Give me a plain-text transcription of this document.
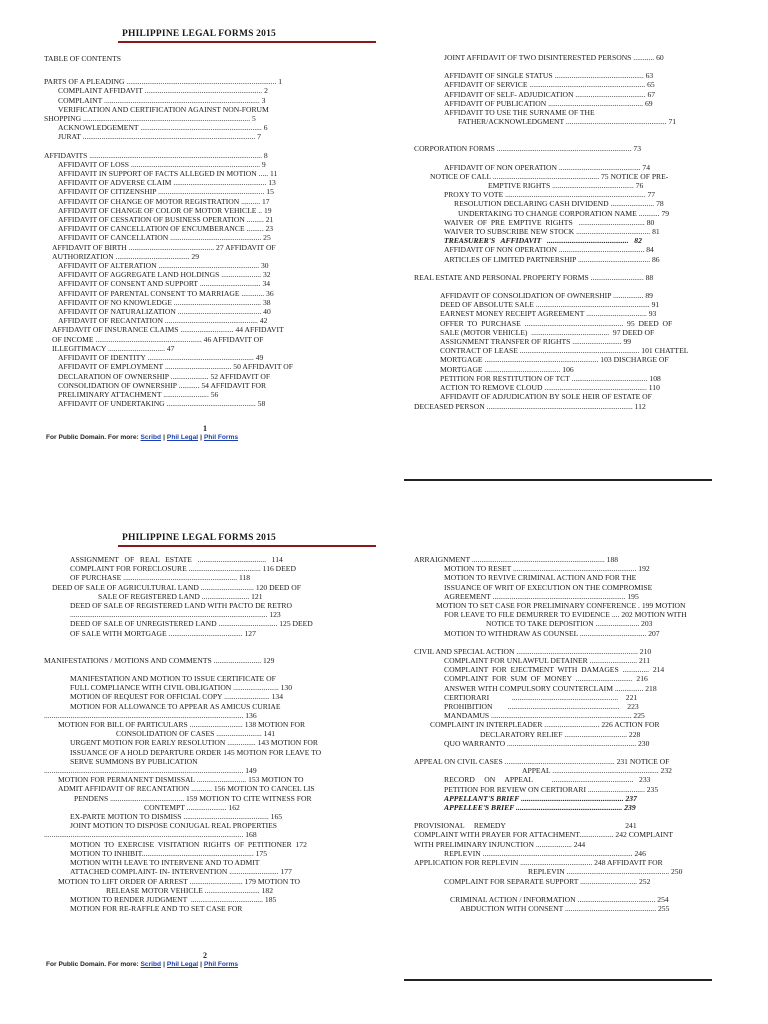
PHILIPPINE LEGAL FORMS 2015
TABLE OF CONTENTS
PARTS OF A PLEADING ............................................................................... 1
COMPLAINT AFFIDAVIT .............................................................. 2
COMPLAINT .................................................................................. 3
VERIFICATION AND CERTIFICATION AGAINST NON-FORUM
SHOPPING ........................................................................................ 5
ACKNOWLEDGEMENT ................................................................ 6
JURAT ........................................................................................... 7
AFFIDAVITS ........................................................................................... 8
AFFIDAVIT OF LOSS .................................................................... 9
AFFIDAVIT IN SUPPORT OF FACTS ALLEGED IN MOTION ..... 11
AFFIDAVIT OF ADVERSE CLAIM ................................................. 13
AFFIDAVIT OF CITIZENSHIP ........................................................ 15
AFFIDAVIT OF CHANGE OF MOTOR REGISTRATION .......... 17
AFFIDAVIT OF CHANGE OF COLOR OF MOTOR VEHICLE .. 19
AFFIDAVIT OF CESSATION OF BUSINESS OPERATION ......... 21
AFFIDAVIT OF CANCELLATION OF ENCUMBERANCE ......... 23
AFFIDAVIT OF CANCELLATION ................................................ 25
AFFIDAVIT OF BIRTH ............................................. 27 AFFIDAVIT OF
AUTHORIZATION ....................................... 29
AFFIDAVIT OF ALTERATION ..................................................... 30
AFFIDAVIT OF AGGREGATE LAND HOLDINGS ..................... 32
AFFIDAVIT OF CONSENT AND SUPPORT ................................ 34
AFFIDAVIT OF PARENTAL CONSENT TO MARRIAGE ............ 36
AFFIDAVIT OF NO KNOWLEDGE .............................................. 38
AFFIDAVIT OF NATURALIZATION ............................................ 40
AFFIDAVIT OF RECANTATION ................................................. 42
AFFIDAVIT OF INSURANCE CLAIMS ............................ 44 AFFIDAVIT
OF INCOME ........................................................ 46 AFFIDAVIT OF
ILLEGITIMACY .............................. 47
AFFIDAVIT OF IDENTITY ........................................................ 49
AFFIDAVIT OF EMPLOYMENT ................................... 50 AFFIDAVIT OF
DECLARATION OF OWNERSHIP .................... 52 AFFIDAVIT OF
CONSOLIDATION OF OWNERSHIP ........... 54 AFFIDAVIT FOR
PRELIMINARY ATTACHMENT ........................ 56
AFFIDAVIT OF UNDERTAKING ............................................... 58
JOINT AFFIDAVIT OF TWO DISINTERESTED PERSONS ........... 60
AFFIDAVIT OF SINGLE STATUS ............................................... 63
AFFIDAVIT OF SERVICE ............................................................. 65
AFFIDAVIT OF SELF- ADJUDICATION ..................................... 67
AFFIDAVIT OF PUBLICATION .................................................. 69
AFFIDAVIT TO USE THE SURNAME OF THE
FATHER/ACKNOWLEDGMENT ..................................................... 71
CORPORATION FORMS ....................................................................... 73
AFFIDAVIT OF NON OPERATION ........................................... 74
NOTICE OF CALL ........................................................ 75 NOTICE OF PRE-
EMPTIVE RIGHTS ........................................... 76
PROXY TO VOTE .......................................................................... 77
RESOLUTION DECLARING CASH DIVIDEND ....................... 78
UNDERTAKING TO CHANGE CORPORATION NAME ........... 79
WAIVER  OF  PRE  EMPTIVE  RIGHTS   ................................... 80
WAIVER TO SUBSCRIBE NEW STOCK ....................................... 81
TREASURER'S   AFFIDAVIT   ...........................................   82
AFFIDAVIT OF NON OPERATION ............................................. 84
ARTICLES OF LIMITED PARTNERSHIP ...................................... 86
REAL ESTATE AND PERSONAL PROPERTY FORMS ............................ 88
AFFIDAVIT OF CONSOLIDATION OF OWNERSHIP ................ 89
DEED OF ABSOLUTE SALE ............................................................ 91
EARNEST MONEY RECEIPT AGREEMENT ................................ 93
OFFER  TO  PURCHASE  ....................................................  95  DEED  OF
SALE (MOTOR VEHICLE)  .........................................  97 DEED OF
ASSIGNMENT TRANSFER OF RIGHTS .......................... 99
CONTRACT OF LEASE ............................................................... 101 CHATTEL
MORTGAGE ............................................................ 103 DISCHARGE OF
MORTGAGE ........................................ 106
PETITION FOR RESTITUTION OF TCT ........................................ 108
ACTION TO REMOVE CLOUD ...................................................... 110
AFFIDAVIT OF ADJUDICATION BY SOLE HEIR OF ESTATE OF
DECEASED PERSON ............................................................................. 112
1
For Public Domain. For more: Scribd | Phil Legal | Phil Forms
PHILIPPINE LEGAL FORMS 2015
ASSIGNMENT   OF   REAL   ESTATE   ....................................   114
COMPLAINT FOR FORECLOSURE ...................................... 116 DEED
OF PURCHASE ............................................................ 118
DEED OF SALE OF AGRICULTURAL LAND ............................ 120 DEED OF
SALE OF REGISTERED LAND ......................... 121
DEED OF SALE OF REGISTERED LAND WITH PACTO DE RETRO
........................................................................................................ 123
DEED OF SALE OF UNREGISTERED LAND ............................... 125 DEED
OF SALE WITH MORTGAGE ....................................... 127
MANIFESTATIONS / MOTIONS AND COMMENTS ......................... 129
MANIFESTATION AND MOTION TO ISSUE CERTIFICATE OF
FULL COMPLIANCE WITH CIVIL OBLIGATION ........................ 130
MOTION OF REQUEST FOR OFFICIAL COPY ........................ 134
MOTION FOR ALLOWANCE TO APPEAR AS AMICUS CURIAE
......................................................................................................... 136
MOTION FOR BILL OF PARTICULARS ............................ 138 MOTION FOR
CONSOLIDATION OF CASES ........................ 141
URGENT MOTION FOR EARLY RESOLUTION ............... 143 MOTION FOR
ISSUANCE OF A HOLD DEPARTURE ORDER 145 MOTION FOR LEAVE TO
SERVE SUMMONS BY PUBLICATION
......................................................................................................... 149
MOTION FOR PERMANENT DISMISSAL .......................... 153 MOTION TO
ADMIT AFFIDAVIT OF RECANTATION ........... 156 MOTION TO CANCEL LIS
PENDENS ....................................... 159 MOTION TO CITE WITNESS FOR
CONTEMPT ..................... 162
EX-PARTE MOTION TO DISMISS ............................................. 165
JOINT MOTION TO DISPOSE CONJUGAL REAL PROPERTIES
......................................................................................................... 168
MOTION  TO  EXERCISE  VISITATION  RIGHTS  OF  PETITIONER  172
MOTION TO INHIBIT........................................................... 175
MOTION WITH LEAVE TO INTERVENE AND TO ADMIT
ATTACHED COMPLAINT- IN- INTERVENTION .......................... 177
MOTION TO LIFT ORDER OF ARREST ............................ 179 MOTION TO
RELEASE MOTOR VEHICLE ............................. 182
MOTION TO RENDER JUDGMENT  ...................................... 185
MOTION FOR RE-RAFFLE AND TO SET CASE FOR
ARRAIGNMENT ...................................................................... 188
MOTION TO RESET ................................................................. 192
MOTION TO REVIVE CRIMINAL ACTION AND FOR THE
ISSUANCE OF WRIT OF EXECUTION ON THE COMPROMISE
AGREEMENT ...................................................................... 195
MOTION TO SET CASE FOR PRELIMINARY CONFERENCE . 199 MOTION
FOR LEAVE TO FILE DEMURRER TO EVIDENCE .... 202 MOTION WITH
NOTICE TO TAKE DEPOSITION ....................... 203
MOTION TO WITHDRAW AS COUNSEL ................................... 207
CIVIL AND SPECIAL ACTION ................................................................ 210
COMPLAINT FOR UNLAWFUL DETAINER ......................... 211
COMPLAINT  FOR  EJECTMENT  WITH  DAMAGES  ..............  214
COMPLAINT  FOR  SUM  OF  MONEY  ..............................  216
ANSWER WITH COMPULSORY COUNTERCLAIM ............... 218
CERTIORARI            ........................................................    221
PROHIBITION        ...........................................................    223
MANDAMUS .......................................................................... 225
COMPLAINT IN INTERPLEADER ............................. 226 ACTION FOR
DECLARATORY RELIEF ................................. 228
QUO WARRANTO .................................................................... 230
APPEAL ON CIVIL CASES .......................................................... 231 NOTICE OF
APPEAL ........................................................ 232
RECORD     ON     APPEAL          ...........................................   233
PETITION FOR REVIEW ON CERTIORARI .............................. 235
APPELLANT'S BRIEF ...................................................... 237
APPELLEE'S BRIEF ........................................................ 239
PROVISIONAL     REMEDY                                                               241
COMPLAINT WITH PRAYER FOR ATTACHMENT.................. 242 COMPLAINT
WITH PRELIMINARY INJUNCTION ................... 244
REPLEVIN ............................................................................... 246
APPLICATION FOR REPLEVIN ...................................... 248 AFFIDAVIT FOR
REPLEVIN ...................................................... 250
COMPLAINT FOR SEPARATE SUPPORT .............................. 252
CRIMINAL ACTION / INFORMATION ......................................... 254
ABDUCTION WITH CONSENT ................................................ 255
2
For Public Domain. For more: Scribd | Phil Legal | Phil Forms
